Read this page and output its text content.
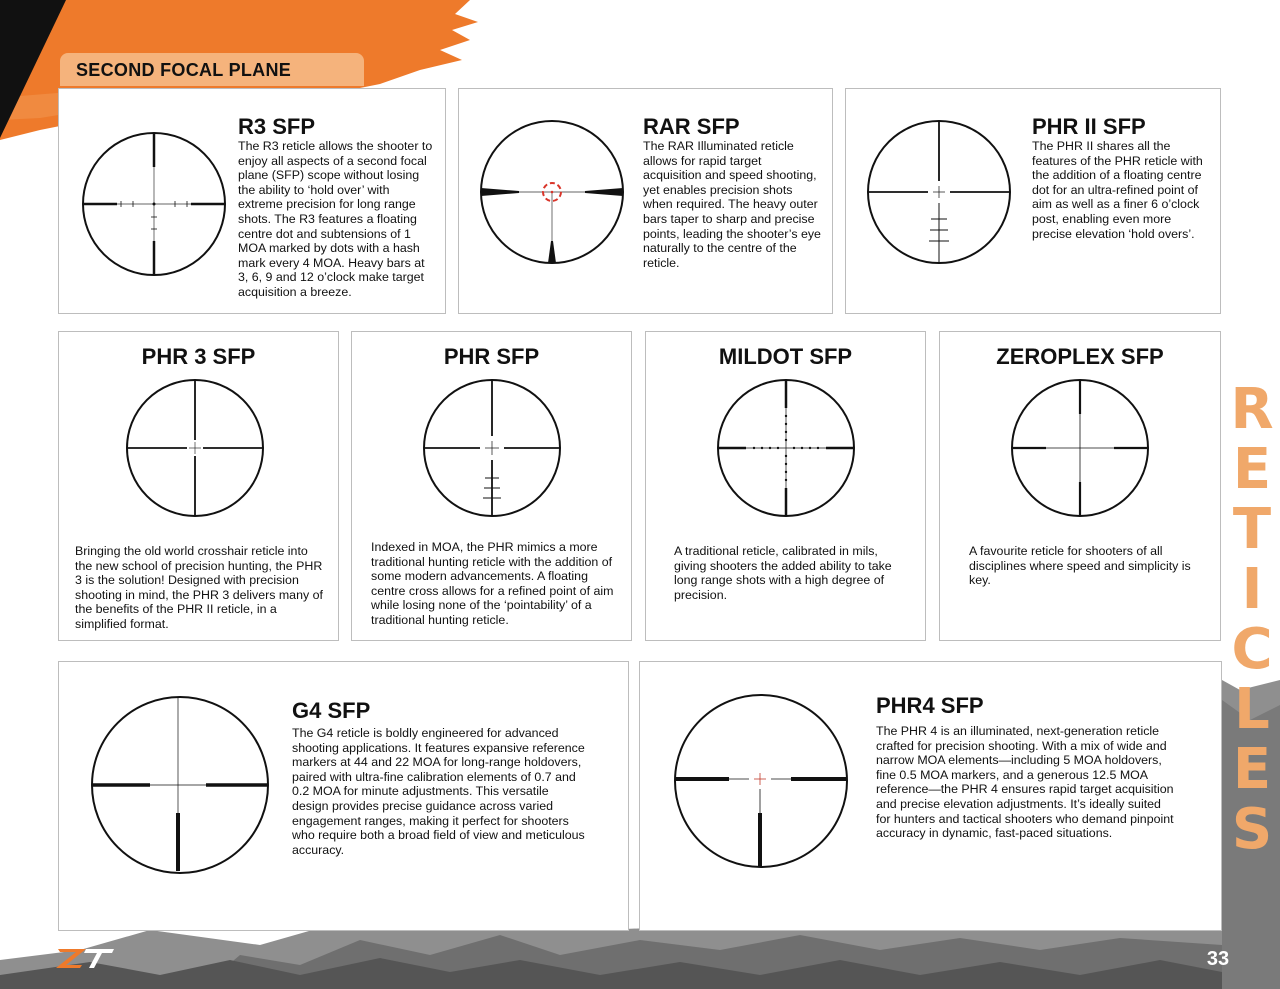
SECOND FOCAL PLANE
R3 SFP
The R3 reticle allows the shooter to enjoy all aspects of a second focal plane (SFP) scope without losing the ability to ‘hold over’ with extreme precision for long range shots. The R3 features a floating centre dot and subtensions of 1 MOA marked by dots with a hash mark every 4 MOA. Heavy bars at 3, 6, 9 and 12 o’clock make target acquisition a breeze.
RAR SFP
The RAR Illuminated reticle allows for rapid target acquisition and speed shooting, yet enables precision shots when required. The heavy outer bars taper to sharp and precise points, leading the shooter’s eye naturally to the centre of the reticle.
PHR II SFP
The PHR II shares all the features of the PHR reticle with the addition of a floating centre dot for an ultra-refined point of aim as well as a finer 6 o’clock post, enabling even more precise elevation ‘hold overs’.
PHR 3 SFP
Bringing the old world crosshair reticle into the new school of precision hunting, the PHR 3 is the solution! Designed with precision shooting in mind, the PHR 3 delivers many of the benefits of the PHR II reticle, in a simplified format.
PHR SFP
Indexed in MOA, the PHR mimics a more traditional hunting reticle with the addition of some modern advancements. A floating centre cross allows for a refined point of aim while losing none of the ‘pointability’ of a traditional hunting reticle.
MILDOT SFP
A traditional reticle, calibrated in mils, giving shooters the added ability to take long range shots with a high degree of precision.
ZEROPLEX SFP
A favourite reticle for shooters of all disciplines where speed and simplicity is key.
G4 SFP
The G4 reticle is boldly engineered for advanced shooting applications. It features expansive reference markers at 44 and 22 MOA for long-range holdovers, paired with ultra-fine calibration elements of 0.7 and 0.2 MOA for minute adjustments. This versatile design provides precise guidance across varied engagement ranges, making it perfect for shooters who require both a broad field of view and meticulous accuracy.
PHR4 SFP
The PHR 4 is an illuminated, next-generation reticle crafted for precision shooting. With a mix of wide and narrow MOA elements—including 5 MOA holdovers, fine 0.5 MOA markers, and a generous 12.5 MOA reference—the PHR 4 ensures rapid target acquisition and precise elevation adjustments. It’s ideally suited for hunters and tactical shooters who demand pinpoint accuracy in dynamic, fast-paced situations.
R
E
T
I
C
L
E
S
33
